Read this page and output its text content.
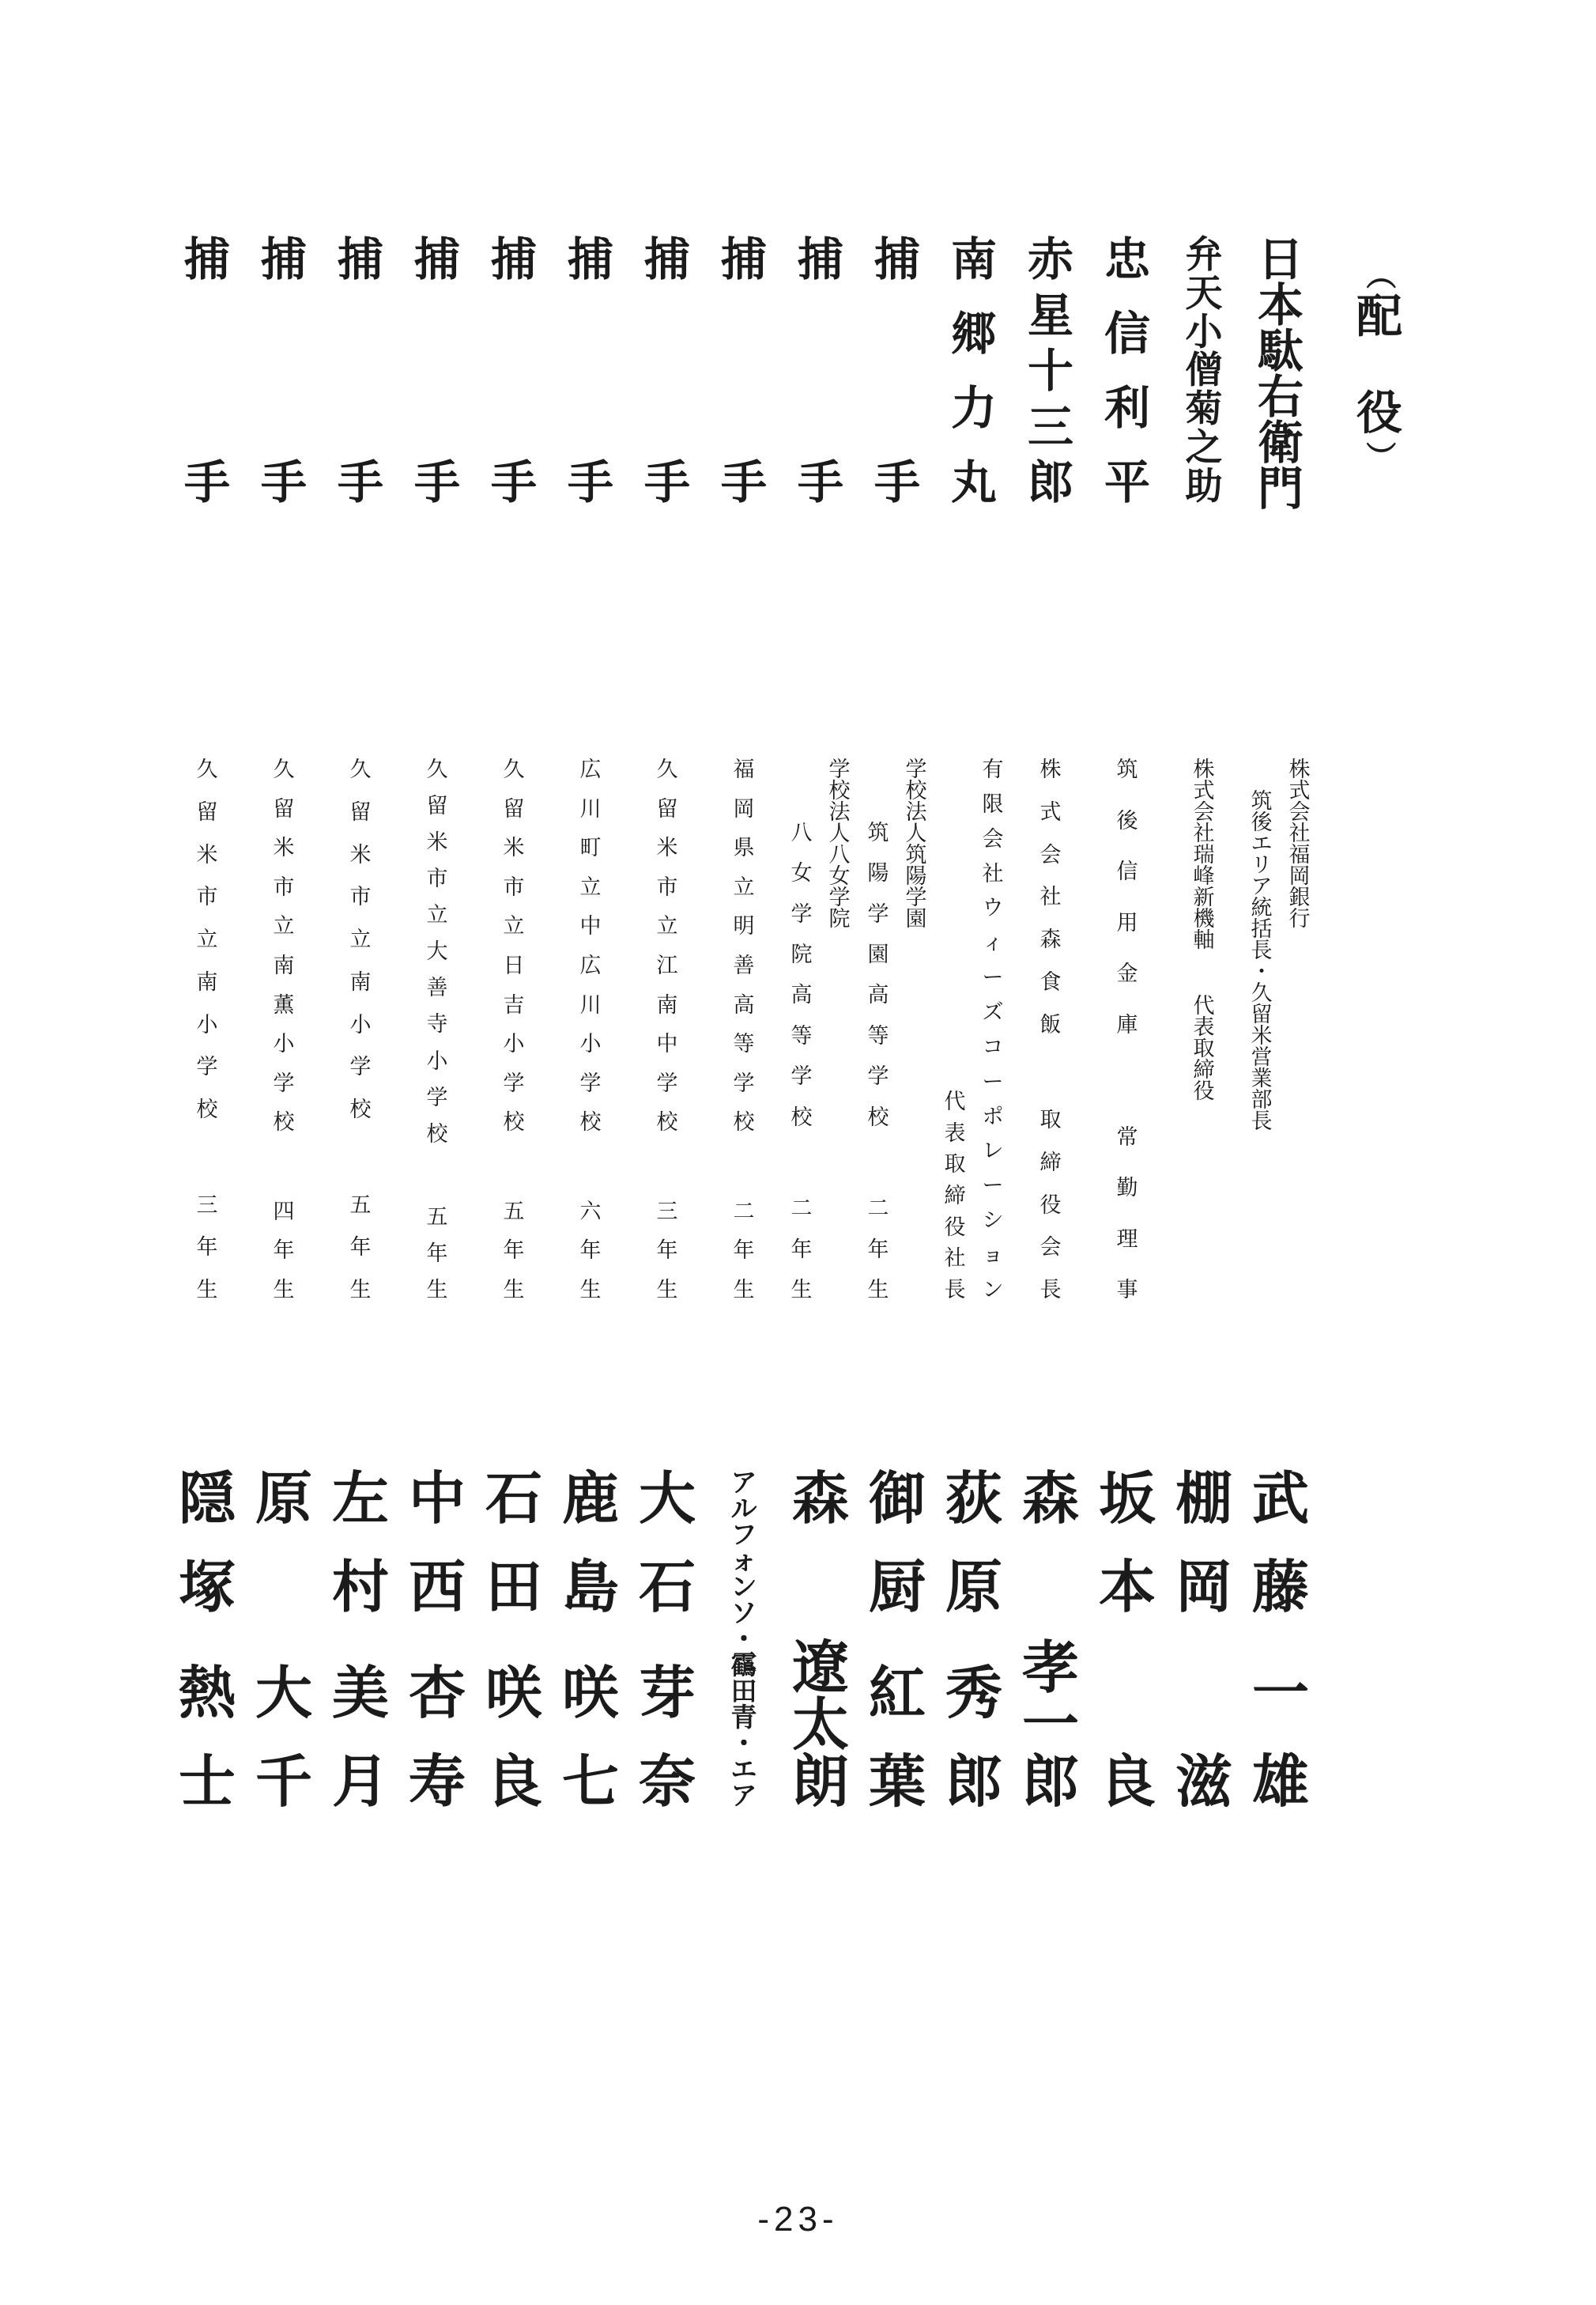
（
配
役
）
日
本
駄
右
衛
門
株
式
会
社
福
岡
銀
行
筑
後
エ
リ
ア
統
括
長
・
久
留
米
営
業
部
長
武
藤
一
雄
弁
天
小
僧
菊
之
助
株
式
会
社
瑞
峰
新
機
軸
代
表
取
締
役
棚
岡
滋
忠
信
利
平
筑
後
信
用
金
庫
常
勤
理
事
坂
本
良
赤
星
十
三
郎
株
式
会
社
森
食
飯
取
締
役
会
長
森
孝
一
郎
南
郷
力
丸
有
限
会
社
ウ
ィ
ー
ズ
コ
ー
ポ
レ
ー
シ
ョ
ン
代
表
取
締
役
社
長
荻
原
秀
郎
捕
手
学
校
法
人
筑
陽
学
園
筑
陽
学
園
高
等
学
校
二
年
生
御
厨
紅
葉
捕
手
学
校
法
人
八
女
学
院
八
女
学
院
高
等
学
校
二
年
生
森
遼
太
朗
捕
手
福
岡
県
立
明
善
高
等
学
校
二
年
生
ア
ル
フ
ォ
ン
ソ
・
靍
田
青
・
エ
ア
捕
手
久
留
米
市
立
江
南
中
学
校
三
年
生
大
石
芽
奈
捕
手
広
川
町
立
中
広
川
小
学
校
六
年
生
鹿
島
咲
七
捕
手
久
留
米
市
立
日
吉
小
学
校
五
年
生
石
田
咲
良
捕
手
久
留
米
市
立
大
善
寺
小
学
校
五
年
生
中
西
杏
寿
捕
手
久
留
米
市
立
南
小
学
校
五
年
生
左
村
美
月
捕
手
久
留
米
市
立
南
薫
小
学
校
四
年
生
原
大
千
捕
手
久
留
米
市
立
南
小
学
校
三
年
生
隠
塚
熱
士
-23-
